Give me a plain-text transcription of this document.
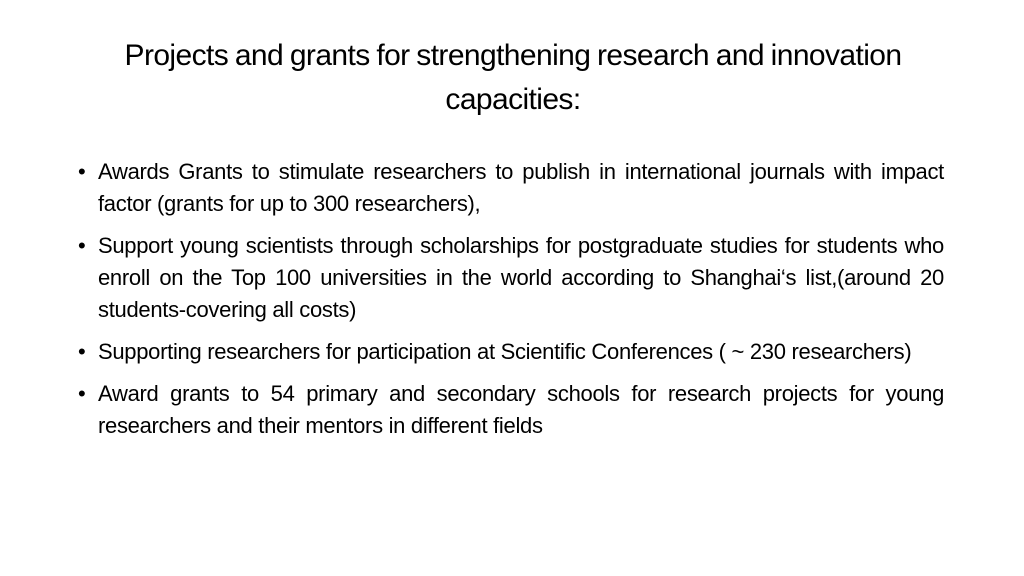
Projects and grants for strengthening research and innovation capacities:
• Awards Grants to stimulate researchers to publish in international journals with impact factor (grants for up to 300 researchers),
• Support young scientists through scholarships for postgraduate studies for students who enroll on the Top 100 universities in the world according to Shanghai‘s list,(around 20 students-covering all costs)
• Supporting researchers for participation at Scientific Conferences ( ~ 230 researchers)
• Award grants to 54 primary and secondary schools for research projects for young researchers and their mentors in different fields
